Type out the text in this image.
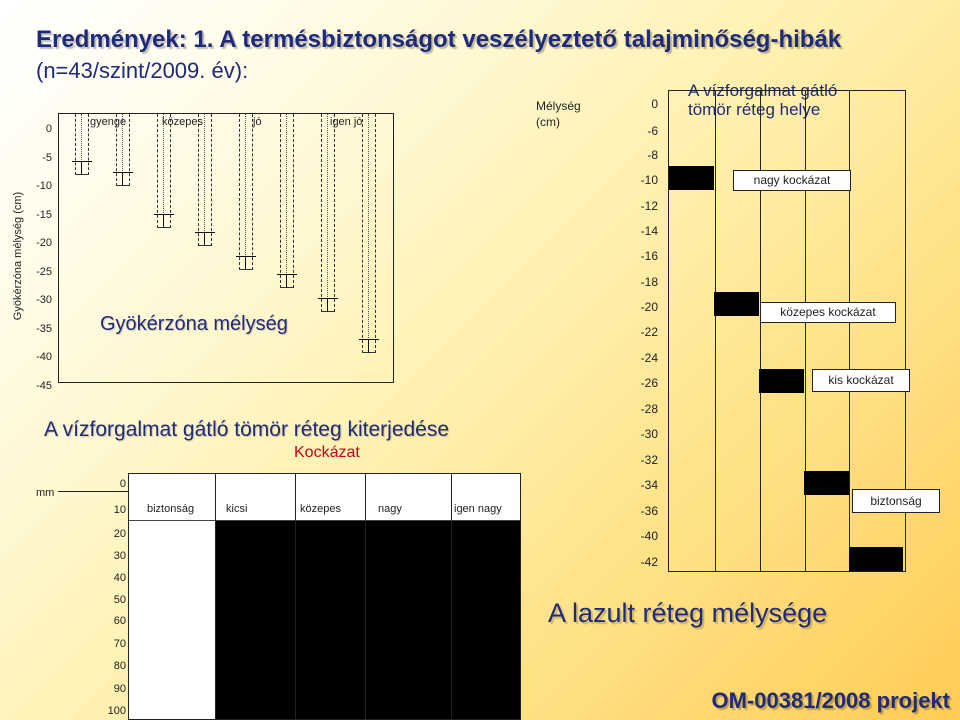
Eredmények: 1. A termésbiztonságot veszélyeztető talajminőség-hibák
(n=43/szint/2009. év):
Gyökérzóna mélység (cm)
0
-5
-10
-15
-20
-25
-30
-35
-40
-45
gyenge	közepes	jó	igen jó
Gyökérzóna mélység
A vízforgalmat gátló tömör réteg kiterjedése
Kockázat
mm
0
10
20
30
40
50
60
70
80
90
100
biztonság	kicsi	közepes	nagy	igen nagy
Mélység
(cm)
0
-6
-8
-10
-12
-14
-16
-18
-20
-22
-24
-26
-28
-30
-32
-34
-36
-40
-42
A vízforgalmat gátló
tömör réteg helye
nagy kockázat
közepes kockázat
kis kockázat
biztonság
A lazult réteg mélysége
OM-00381/2008 projekt
